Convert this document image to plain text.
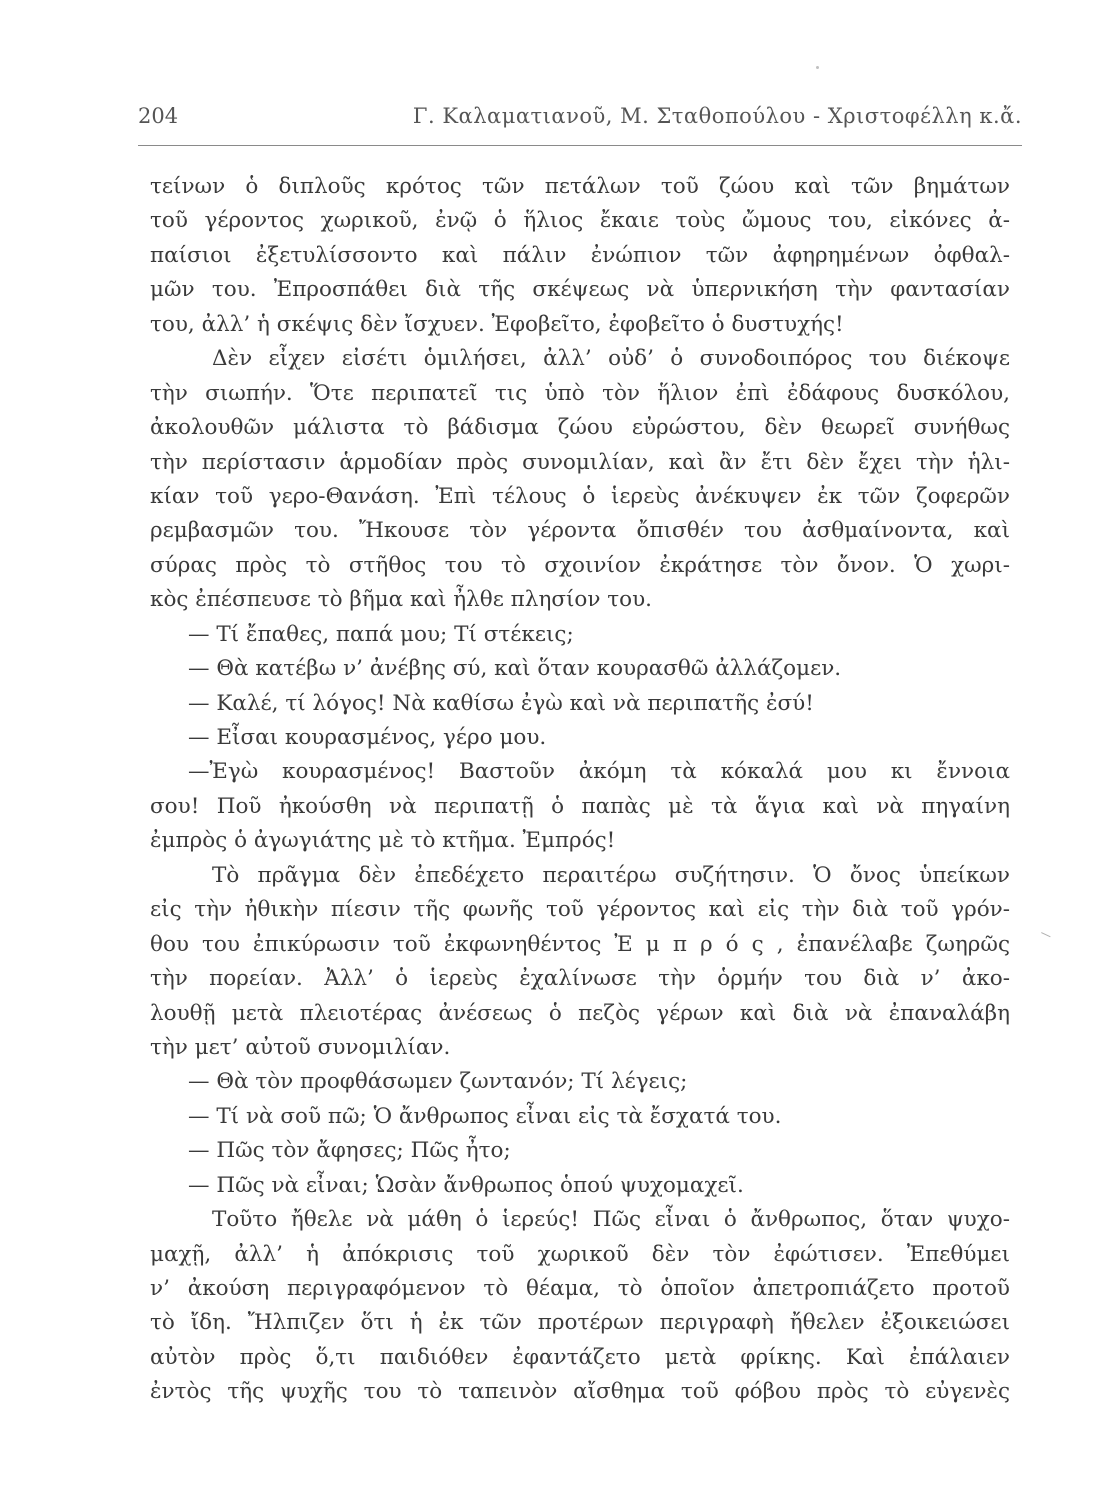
204	Γ. Καλαματιανοῦ, Μ. Σταθοπούλου - Χριστοφέλλη κ.ἄ.
τείνων ὁ διπλοῦς κρότος τῶν πετάλων τοῦ ζώου καὶ τῶν βημάτων
τοῦ γέροντος χωρικοῦ, ἐνῷ ὁ ἥλιος ἔκαιε τοὺς ὤμους του, εἰκόνες ἀ-
παίσιοι ἐξετυλίσσοντο καὶ πάλιν ἐνώπιον τῶν ἀφηρημένων ὀφθαλ-
μῶν του. Ἐπροσπάθει διὰ τῆς σκέψεως νὰ ὑπερνικήση τὴν φαντασίαν
του, ἀλλ’ ἡ σκέψις δὲν ἴσχυεν. Ἐφοβεῖτο, ἐφοβεῖτο ὁ δυστυχής!
Δὲν εἶχεν εἰσέτι ὁμιλήσει, ἀλλ’ οὐδ’ ὁ συνοδοιπόρος του διέκοψε
τὴν σιωπήν. Ὅτε περιπατεῖ τις ὑπὸ τὸν ἥλιον ἐπὶ ἐδάφους δυσκόλου,
ἀκολουθῶν μάλιστα τὸ βάδισμα ζώου εὐρώστου, δὲν θεωρεῖ συνήθως
τὴν περίστασιν ἁρμοδίαν πρὸς συνομιλίαν, καὶ ἂν ἔτι δὲν ἔχει τὴν ἡλι-
κίαν τοῦ γερο-Θανάση. Ἐπὶ τέλους ὁ ἱερεὺς ἀνέκυψεν ἐκ τῶν ζοφερῶν
ρεμβασμῶν του. Ἤκουσε τὸν γέροντα ὄπισθέν του ἀσθμαίνοντα, καὶ
σύρας πρὸς τὸ στῆθος του τὸ σχοινίον ἐκράτησε τὸν ὄνον. Ὁ χωρι-
κὸς ἐπέσπευσε τὸ βῆμα καὶ ἦλθε πλησίον του.
— Τί ἔπαθες, παπά μου; Τί στέκεις;
— Θὰ κατέβω ν’ ἀνέβης σύ, καὶ ὅταν κουρασθῶ ἀλλάζομεν.
— Καλέ, τί λόγος! Νὰ καθίσω ἐγὼ καὶ νὰ περιπατῆς ἐσύ!
— Εἶσαι κουρασμένος, γέρο μου.
—Ἐγὼ κουρασμένος! Βαστοῦν ἀκόμη τὰ κόκαλά μου κι ἔννοια
σου! Ποῦ ἠκούσθη νὰ περιπατῇ ὁ παπὰς μὲ τὰ ἅγια καὶ νὰ πηγαίνη
ἐμπρὸς ὁ ἀγωγιάτης μὲ τὸ κτῆμα. Ἐμπρός!
Τὸ πρᾶγμα δὲν ἐπεδέχετο περαιτέρω συζήτησιν. Ὁ ὄνος ὑπείκων
εἰς τὴν ἠθικὴν πίεσιν τῆς φωνῆς τοῦ γέροντος καὶ εἰς τὴν διὰ τοῦ γρόν-
θου του ἐπικύρωσιν τοῦ ἐκφωνηθέντος Ἐ μ π ρ ό ς , ἐπανέλαβε ζωηρῶς
τὴν πορείαν. Ἀλλ’ ὁ ἱερεὺς ἐχαλίνωσε τὴν ὁρμήν του διὰ ν’ ἀκο-
λουθῇ μετὰ πλειοτέρας ἀνέσεως ὁ πεζὸς γέρων καὶ διὰ νὰ ἐπαναλάβη
τὴν μετ’ αὐτοῦ συνομιλίαν.
— Θὰ τὸν προφθάσωμεν ζωντανόν; Τί λέγεις;
— Τί νὰ σοῦ πῶ; Ὁ ἄνθρωπος εἶναι εἰς τὰ ἔσχατά του.
— Πῶς τὸν ἄφησες; Πῶς ἦτο;
— Πῶς νὰ εἶναι; Ὡσὰν ἄνθρωπος ὁπού ψυχομαχεῖ.
Τοῦτο ἤθελε νὰ μάθη ὁ ἱερεύς! Πῶς εἶναι ὁ ἄνθρωπος, ὅταν ψυχο-
μαχῇ, ἀλλ’ ἡ ἀπόκρισις τοῦ χωρικοῦ δὲν τὸν ἐφώτισεν. Ἐπεθύμει
ν’ ἀκούση περιγραφόμενον τὸ θέαμα, τὸ ὁποῖον ἀπετροπιάζετο προτοῦ
τὸ ἴδη. Ἤλπιζεν ὅτι ἡ ἐκ τῶν προτέρων περιγραφὴ ἤθελεν ἐξοικειώσει
αὐτὸν πρὸς ὅ,τι παιδιόθεν ἐφαντάζετο μετὰ φρίκης. Καὶ ἐπάλαιεν
ἐντὸς τῆς ψυχῆς του τὸ ταπεινὸν αἴσθημα τοῦ φόβου πρὸς τὸ εὐγενὲς
